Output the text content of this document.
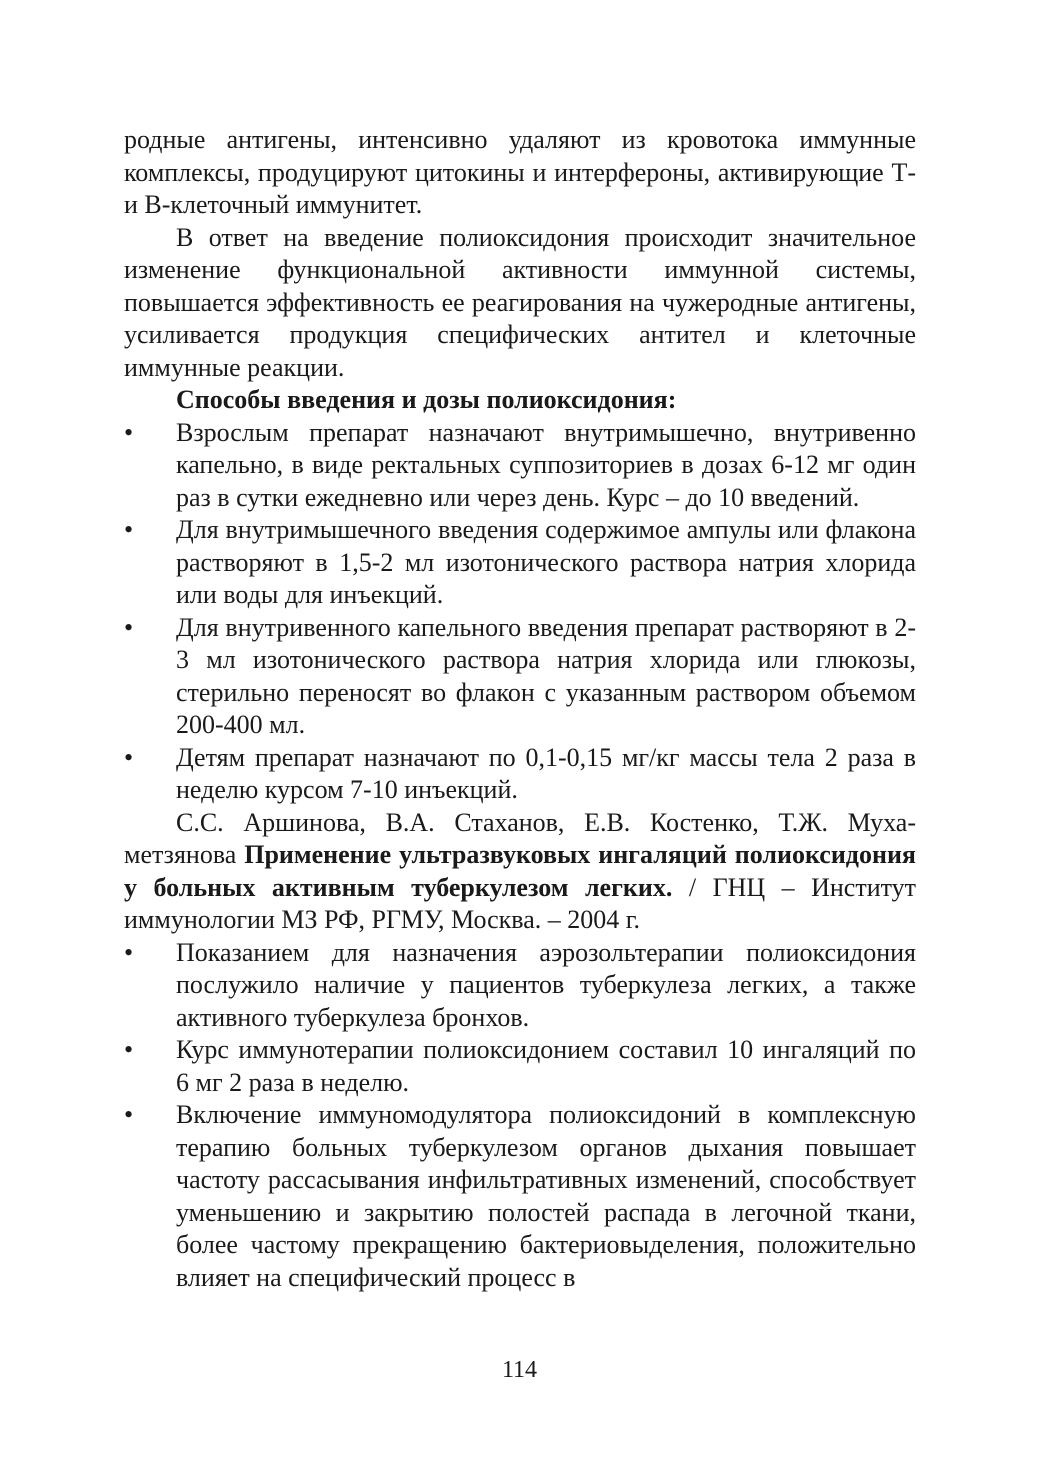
родные антигены, интенсивно удаляют из кровотока иммунные комплексы, продуцируют цитокины и интерфероны, активирующие Т- и В-клеточный иммунитет.

В ответ на введение полиоксидония происходит значительное изменение функциональной активности иммунной системы, повышается эффективность ее реагирования на чужеродные антигены, усиливается продукция специфических антител и клеточные иммунные реакции.

Способы введения и дозы полиоксидония:

• Взрослым препарат назначают внутримышечно, внутривенно капельно, в виде ректальных суппозиториев в дозах 6-12 мг один раз в сутки ежедневно или через день. Курс – до 10 введений.
• Для внутримышечного введения содержимое ампулы или флакона растворяют в 1,5-2 мл изотонического раствора натрия хлорида или воды для инъекций.
• Для внутривенного капельного введения препарат растворяют в 2-3 мл изотонического раствора натрия хлорида или глюкозы, стерильно переносят во флакон с указанным раствором объемом 200-400 мл.
• Детям препарат назначают по 0,1-0,15 мг/кг массы тела 2 раза в неделю курсом 7-10 инъекций.

С.С. Аршинова, В.А. Стаханов, Е.В. Костенко, Т.Ж. Мухаметзянова Применение ультразвуковых ингаляций полиоксидония у больных активным туберкулезом легких. / ГНЦ – Институт иммунологии МЗ РФ, РГМУ, Москва. – 2004 г.

• Показанием для назначения аэрозольтерапии полиоксидония послужило наличие у пациентов туберкулеза легких, а также активного туберкулеза бронхов.
• Курс иммунотерапии полиоксидонием составил 10 ингаляций по 6 мг 2 раза в неделю.
• Включение иммуномодулятора полиоксидоний в комплексную терапию больных туберкулезом органов дыхания повышает частоту рассасывания инфильтративных изменений, способствует уменьшению и закрытию полостей распада в легочной ткани, более частому прекращению бактериовыделения, положительно влияет на специфический процесс в
114
